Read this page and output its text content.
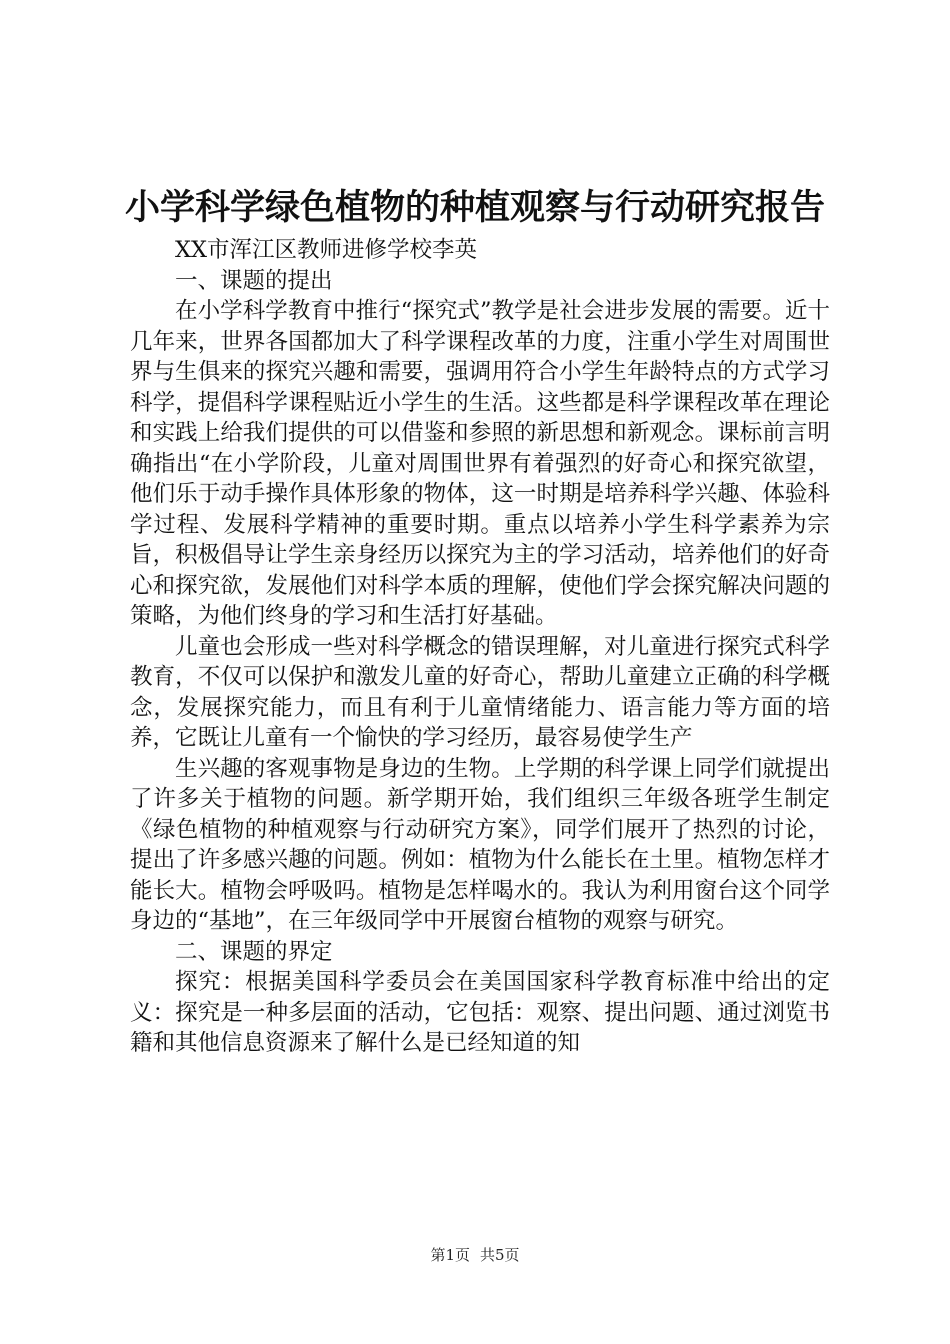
小学科学绿色植物的种植观察与行动研究报告

XX市浑江区教师进修学校李英

一、课题的提出

在小学科学教育中推行“探究式”教学是社会进步发展的需要。近十几年来，世界各国都加大了科学课程改革的力度，注重小学生对周围世界与生俱来的探究兴趣和需要，强调用符合小学生年龄特点的方式学习科学，提倡科学课程贴近小学生的生活。这些都是科学课程改革在理论和实践上给我们提供的可以借鉴和参照的新思想和新观念。课标前言明确指出“在小学阶段，儿童对周围世界有着强烈的好奇心和探究欲望，他们乐于动手操作具体形象的物体，这一时期是培养科学兴趣、体验科学过程、发展科学精神的重要时期。重点以培养小学生科学素养为宗旨，积极倡导让学生亲身经历以探究为主的学习活动，培养他们的好奇心和探究欲，发展他们对科学本质的理解，使他们学会探究解决问题的策略，为他们终身的学习和生活打好基础。

儿童也会形成一些对科学概念的错误理解，对儿童进行探究式科学教育，不仅可以保护和激发儿童的好奇心，帮助儿童建立正确的科学概念，发展探究能力，而且有利于儿童情绪能力、语言能力等方面的培养，它既让儿童有一个愉快的学习经历，最容易使学生产

生兴趣的客观事物是身边的生物。上学期的科学课上同学们就提出了许多关于植物的问题。新学期开始，我们组织三年级各班学生制定《绿色植物的种植观察与行动研究方案》，同学们展开了热烈的讨论，提出了许多感兴趣的问题。例如：植物为什么能长在土里。植物怎样才能长大。植物会呼吸吗。植物是怎样喝水的。我认为利用窗台这个同学身边的“基地”，在三年级同学中开展窗台植物的观察与研究。

二、课题的界定

探究：根据美国科学委员会在美国国家科学教育标准中给出的定义：探究是一种多层面的活动，它包括：观察、提出问题、通过浏览书籍和其他信息资源来了解什么是已经知道的知

第1页 共5页
